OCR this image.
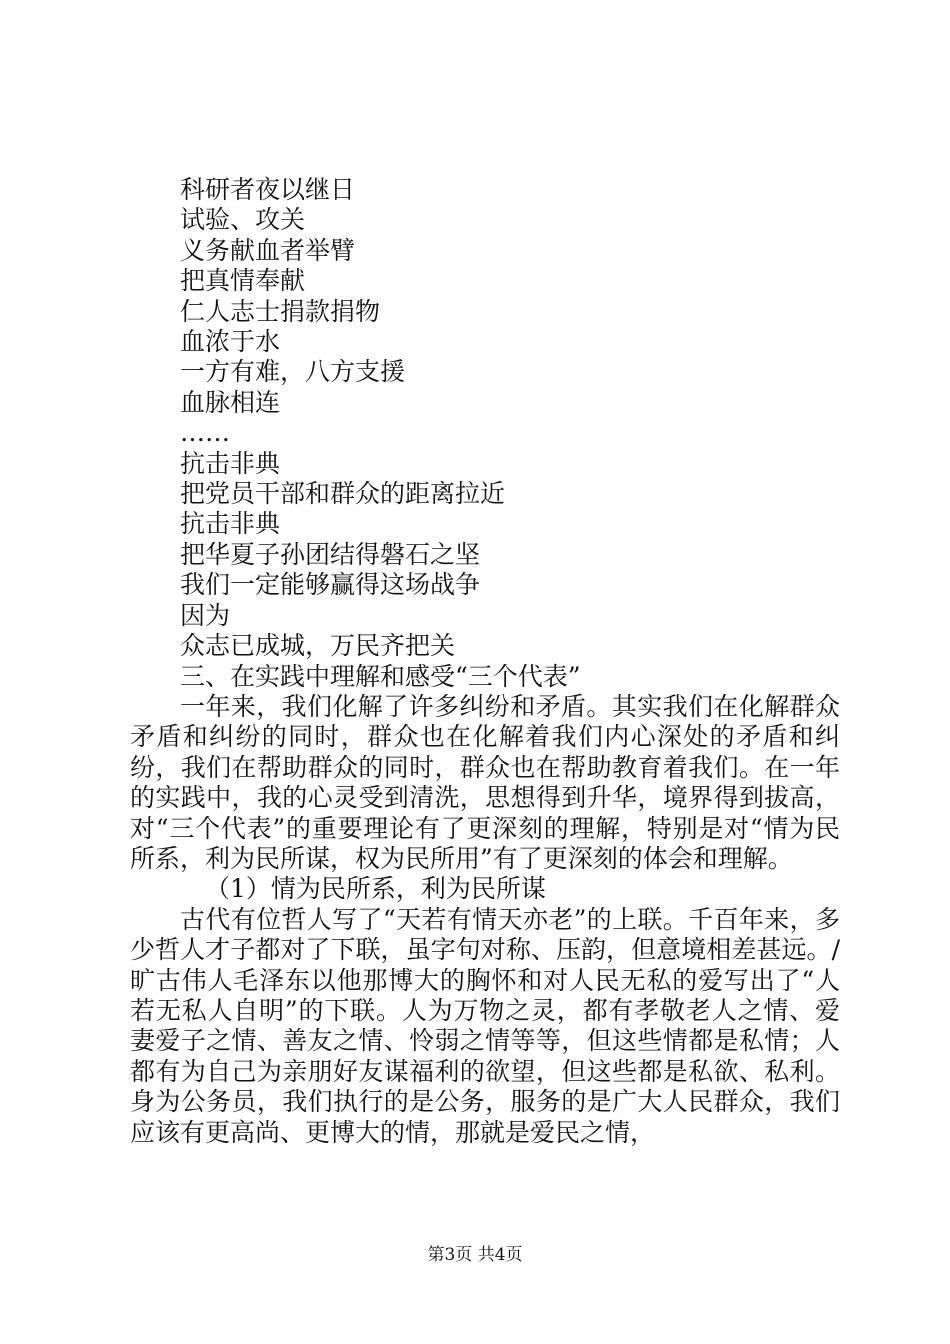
科研者夜以继日

试验、攻关

义务献血者举臂

把真情奉献

仁人志士捐款捐物

血浓于水

一方有难，八方支援

血脉相连

……

抗击非典

把党员干部和群众的距离拉近

抗击非典

把华夏子孙团结得磐石之坚

我们一定能够赢得这场战争

因为

众志已成城，万民齐把关

三、在实践中理解和感受“三个代表”

一年来，我们化解了许多纠纷和矛盾。其实我们在化解群众矛盾和纠纷的同时，群众也在化解着我们内心深处的矛盾和纠纷，我们在帮助群众的同时，群众也在帮助教育着我们。在一年的实践中，我的心灵受到清洗，思想得到升华，境界得到拔高，对“三个代表”的重要理论有了更深刻的理解，特别是对“情为民所系，利为民所谋，权为民所用”有了更深刻的体会和理解。

（1）情为民所系，利为民所谋

古代有位哲人写了“天若有情天亦老”的上联。千百年来，多少哲人才子都对了下联，虽字句对称、压韵，但意境相差甚远。/旷古伟人毛泽东以他那博大的胸怀和对人民无私的爱写出了“人若无私人自明”的下联。人为万物之灵，都有孝敬老人之情、爱妻爱子之情、善友之情、怜弱之情等等，但这些情都是私情；人都有为自己为亲朋好友谋福利的欲望，但这些都是私欲、私利。身为公务员，我们执行的是公务，服务的是广大人民群众，我们应该有更高尚、更博大的情，那就是爱民之情，

第3页 共4页
